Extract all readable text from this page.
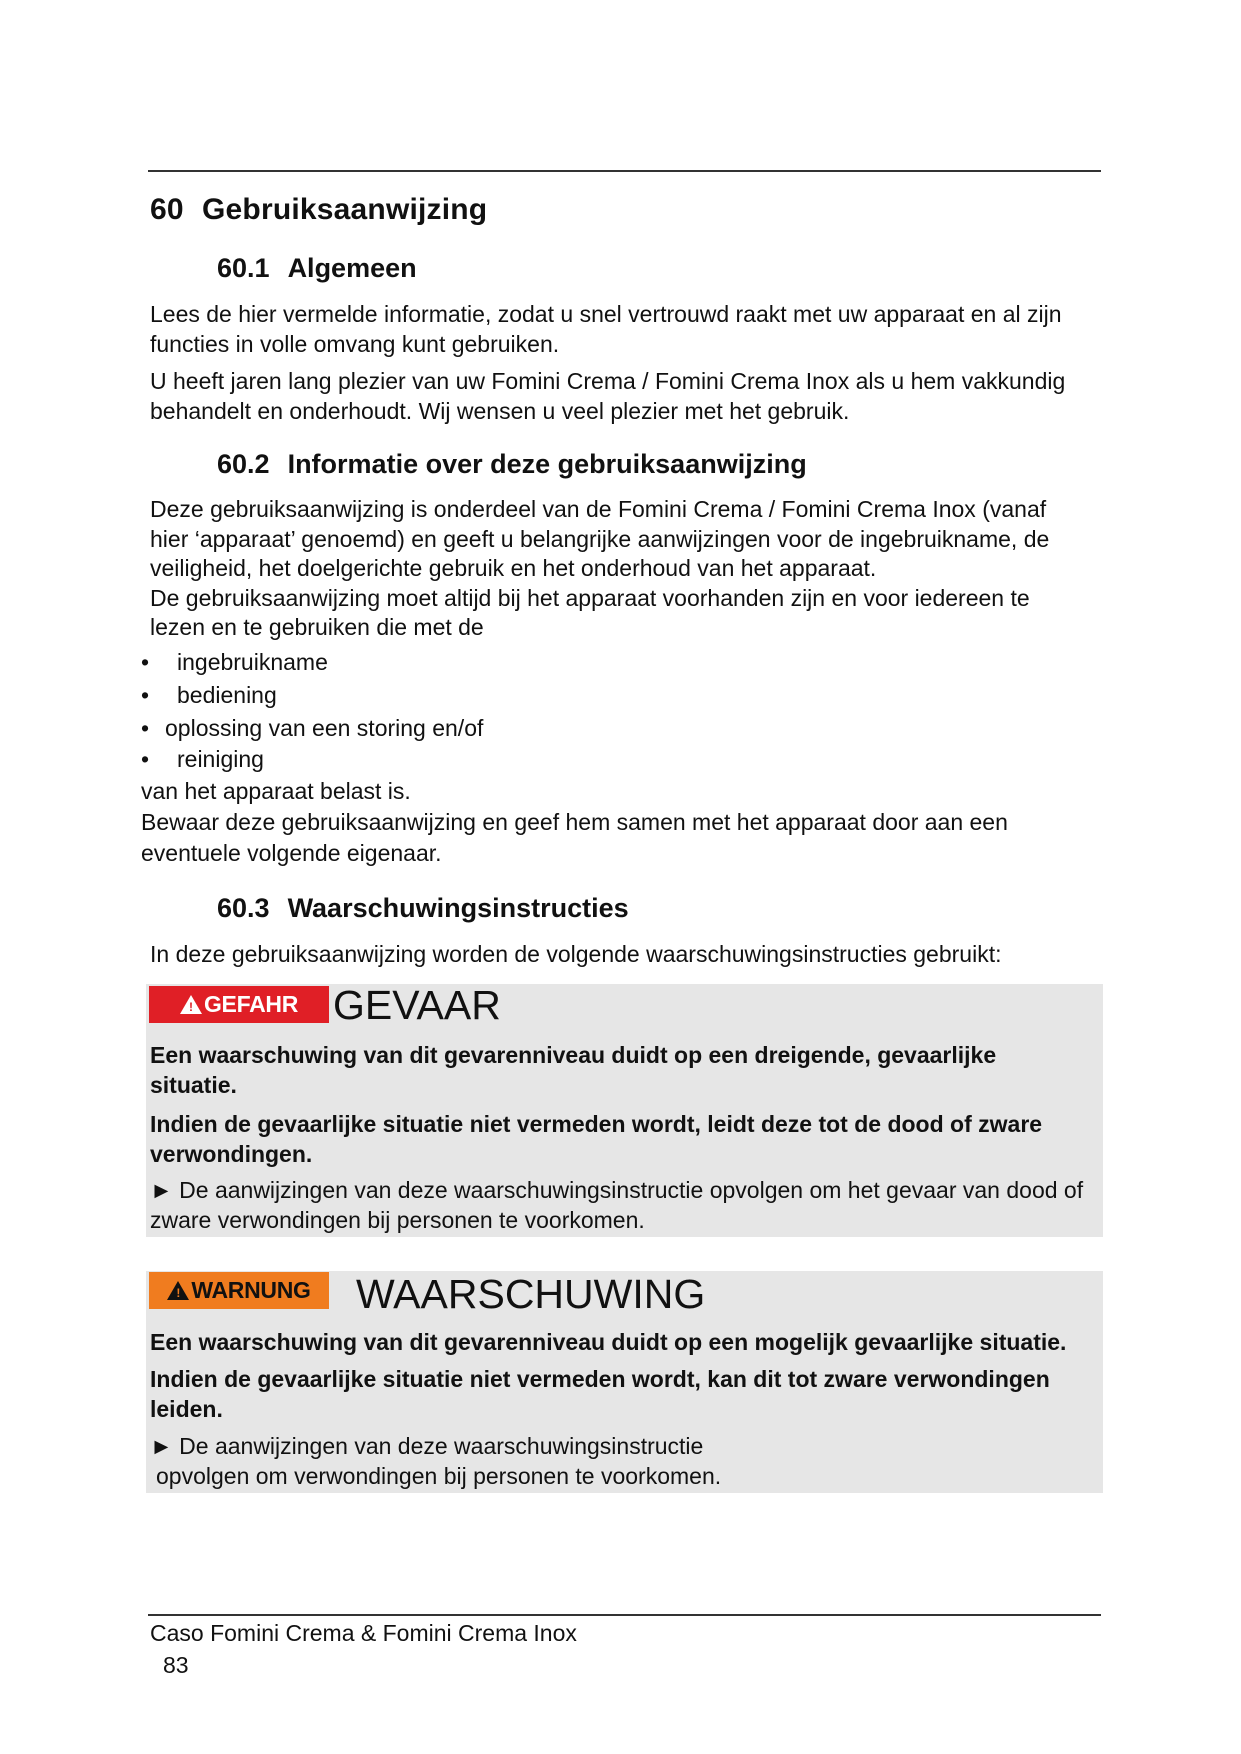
60 Gebruiksaanwijzing
60.1 Algemeen

Lees de hier vermelde informatie, zodat u snel vertrouwd raakt met uw apparaat en al zijn functies in volle omvang kunt gebruiken.

U heeft jaren lang plezier van uw Fomini Crema / Fomini Crema Inox als u hem vakkundig behandelt en onderhoudt. Wij wensen u veel plezier met het gebruik.

60.2 Informatie over deze gebruiksaanwijzing

Deze gebruiksaanwijzing is onderdeel van de Fomini Crema / Fomini Crema Inox (vanaf hier ‘apparaat’ genoemd) en geeft u belangrijke aanwijzingen voor de ingebruikname, de veiligheid, het doelgerichte gebruik en het onderhoud van het apparaat.

De gebruiksaanwijzing moet altijd bij het apparaat voorhanden zijn en voor iedereen te lezen en te gebruiken die met de

• ingebruikname
• bediening
• oplossing van een storing en/of
• reiniging

van het apparaat belast is.

Bewaar deze gebruiksaanwijzing en geef hem samen met het apparaat door aan een eventuele volgende eigenaar.

60.3 Waarschuwingsinstructies

In deze gebruiksaanwijzing worden de volgende waarschuwingsinstructies gebruikt:

! GEFAHR GEVAAR
Een waarschuwing van dit gevarenniveau duidt op een dreigende, gevaarlijke situatie.
Indien de gevaarlijke situatie niet vermeden wordt, leidt deze tot de dood of zware verwondingen.
► De aanwijzingen van deze waarschuwingsinstructie opvolgen om het gevaar van dood of zware verwondingen bij personen te voorkomen.
! WARNUNG WAARSCHUWING
Een waarschuwing van dit gevarenniveau duidt op een mogelijk gevaarlijke situatie.
Indien de gevaarlijke situatie niet vermeden wordt, kan dit tot zware verwondingen leiden.
► De aanwijzingen van deze waarschuwingsinstructie
opvolgen om verwondingen bij personen te voorkomen.
Caso Fomini Crema & Fomini Crema Inox
83
